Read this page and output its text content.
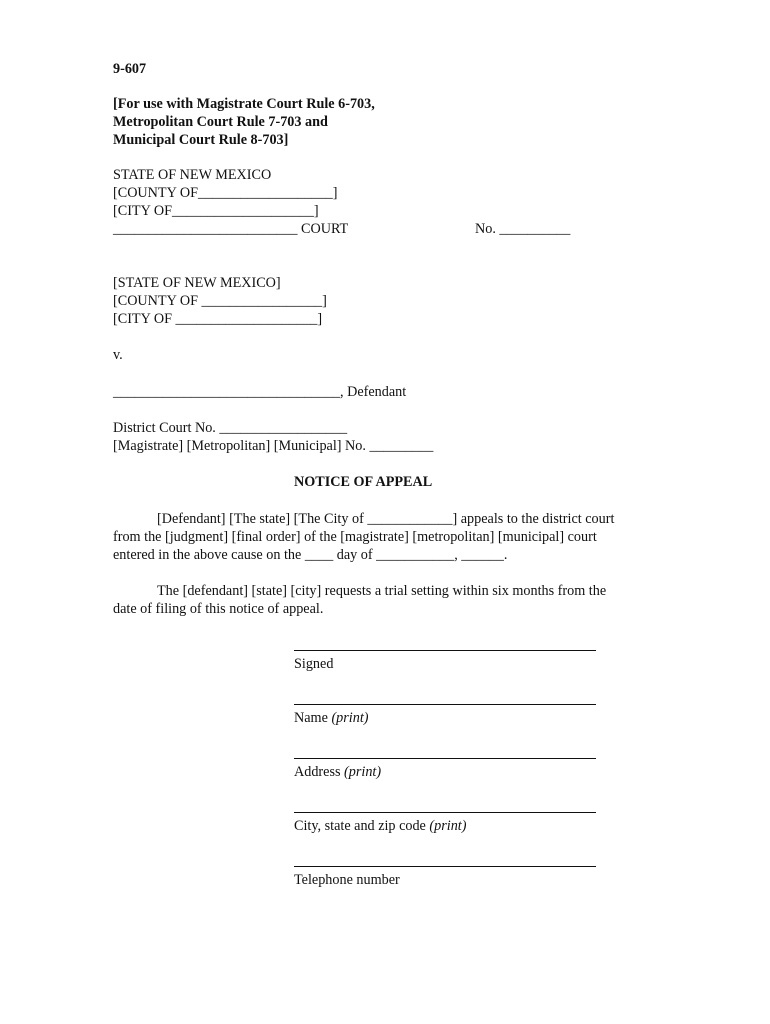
9-607
[For use with Magistrate Court Rule 6-703,
Metropolitan Court Rule 7-703 and
Municipal Court Rule 8-703]
STATE OF NEW MEXICO
[COUNTY OF___________________]
[CITY OF____________________]
__________________________ COURT	No. __________
[STATE OF NEW MEXICO]
[COUNTY OF _________________]
[CITY OF ____________________]
v.
________________________________, Defendant
District Court No. __________________
[Magistrate] [Metropolitan] [Municipal] No. _________
NOTICE OF APPEAL
[Defendant] [The state] [The City of ____________] appeals to the district court
from the [judgment] [final order] of the [magistrate] [metropolitan] [municipal] court
entered in the above cause on the ____ day of ___________, ______.
The [defendant] [state] [city] requests a trial setting within six months from the
date of filing of this notice of appeal.
Signed
Name (print)
Address (print)
City, state and zip code (print)
Telephone number
